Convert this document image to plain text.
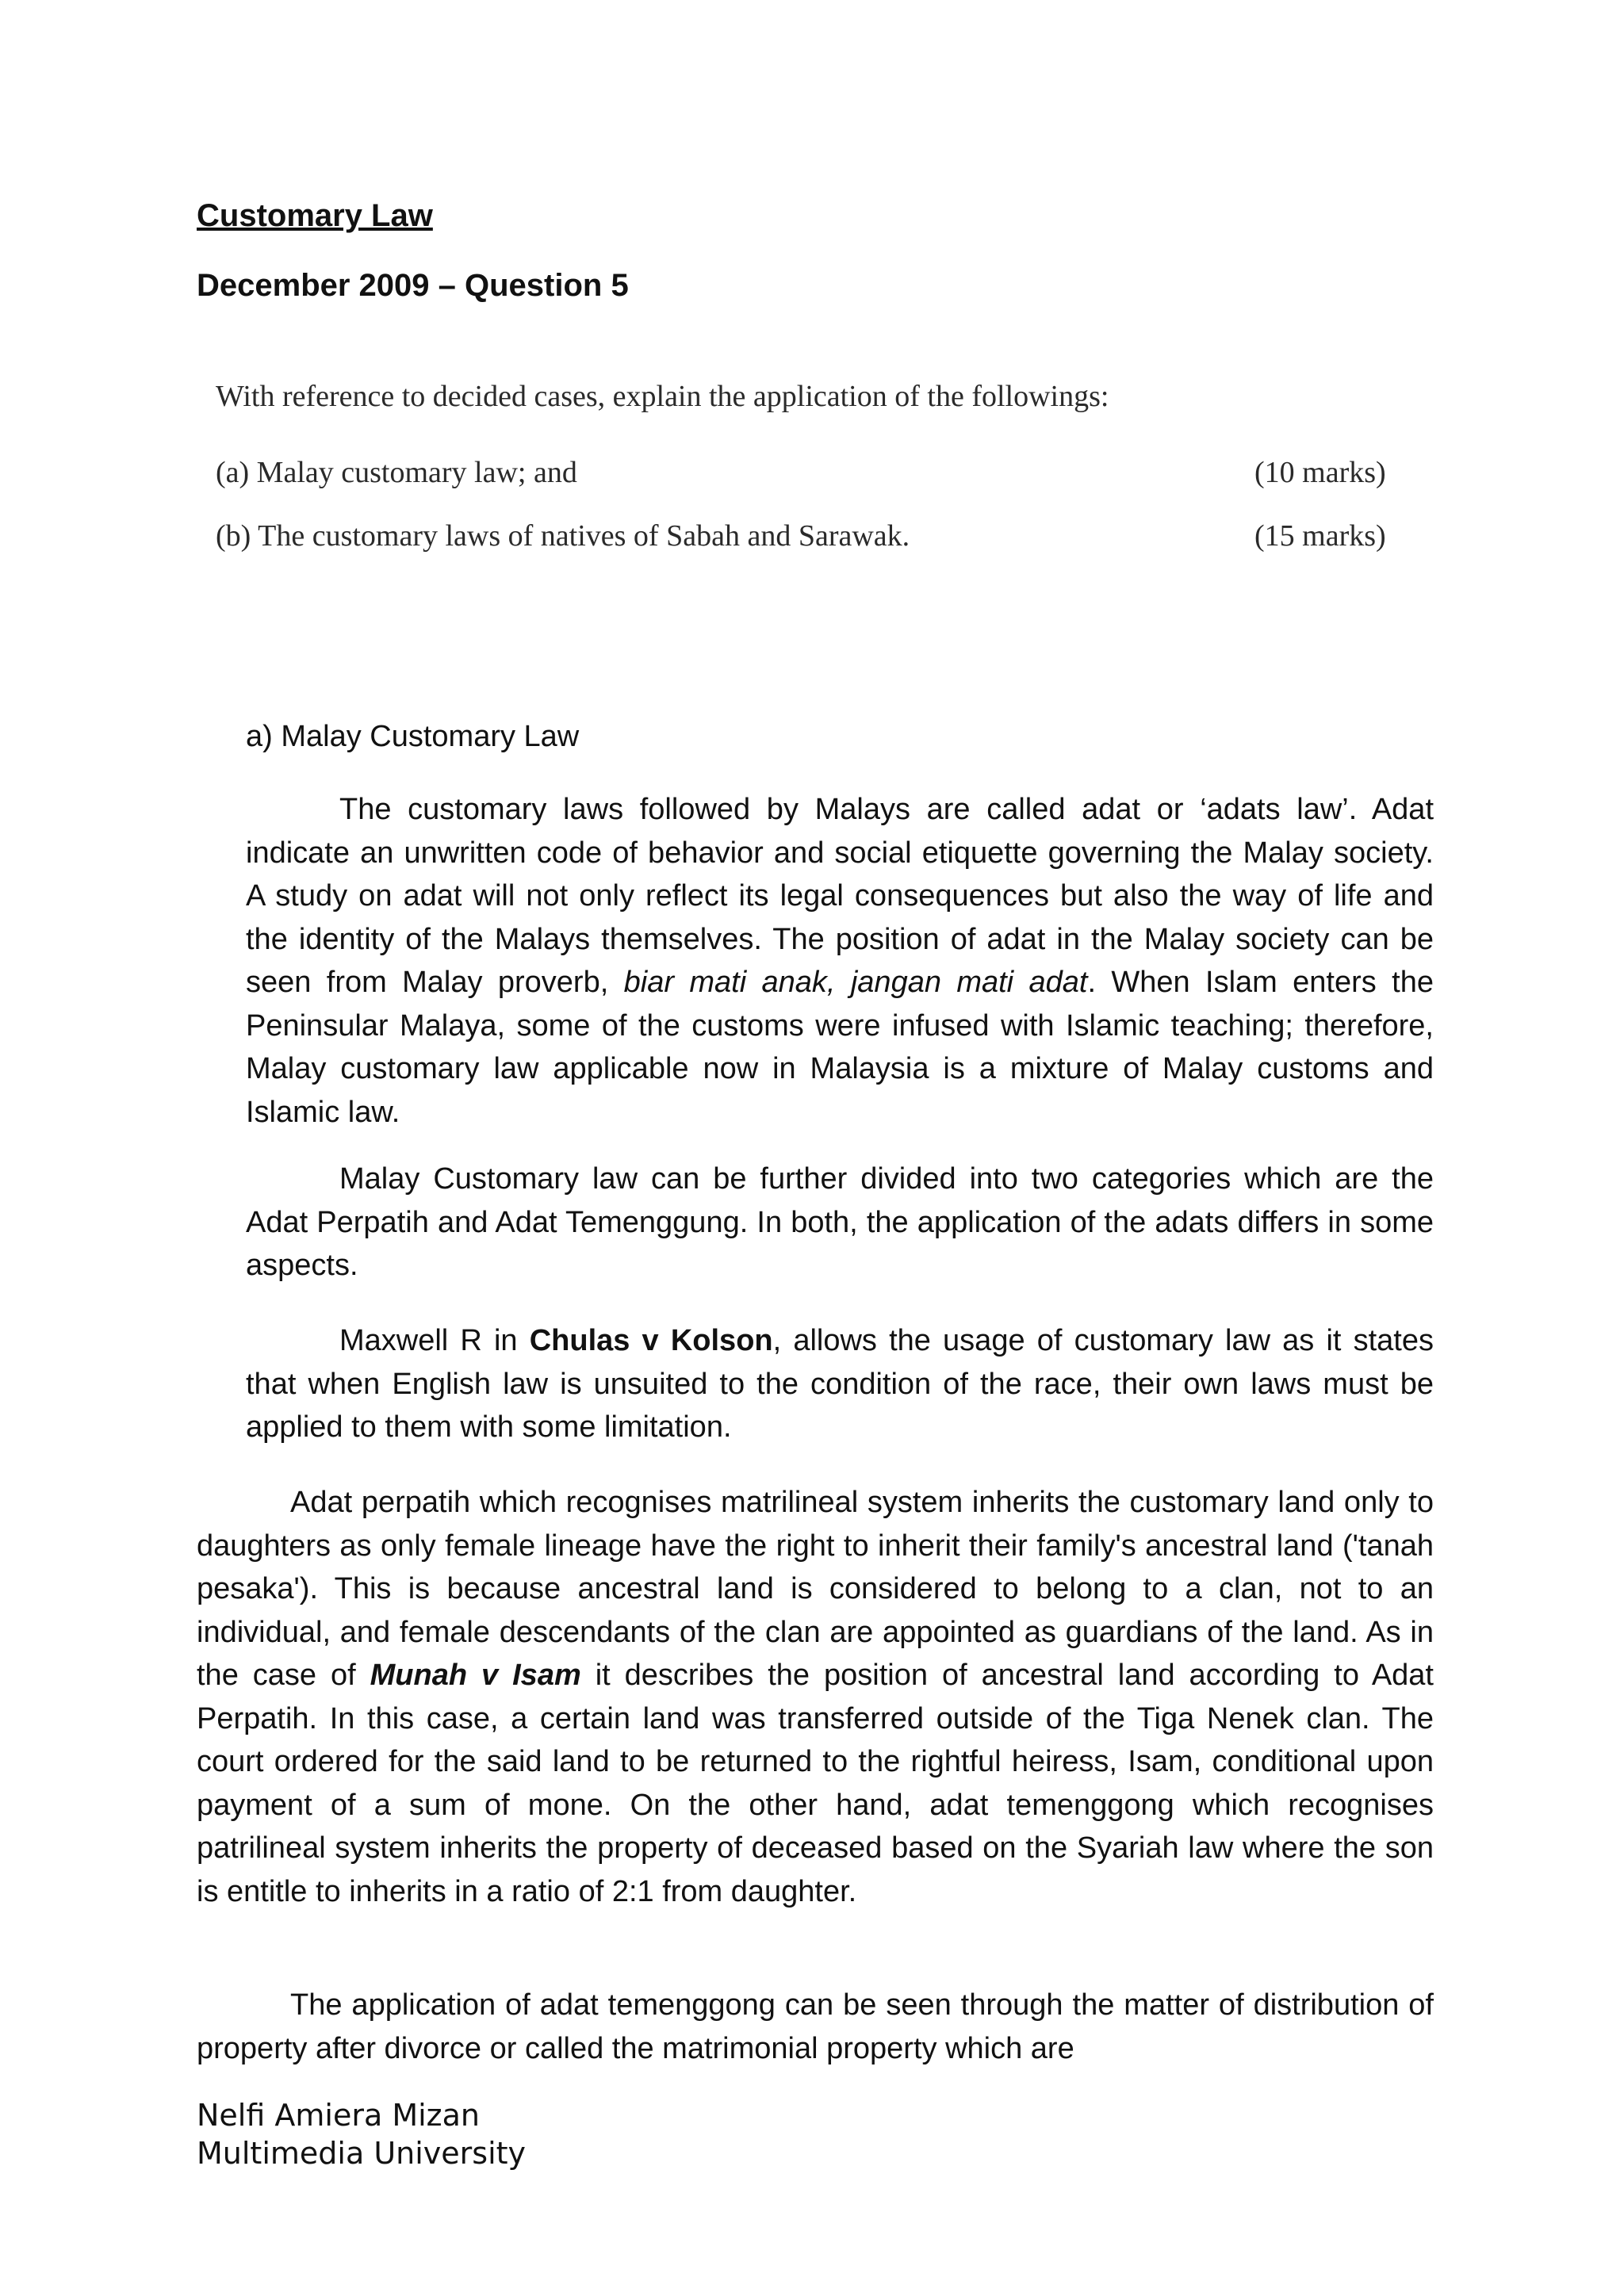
Customary Law
December 2009 – Question 5

With reference to decided cases, explain the application of the followings:

(a) Malay customary law; and	(10 marks)
(b) The customary laws of natives of Sabah and Sarawak.	(15 marks)

a) Malay Customary Law

The customary laws followed by Malays are called adat or ‘adats law’. Adat indicate an unwritten code of behavior and social etiquette governing the Malay society. A study on adat will not only reflect its legal consequences but also the way of life and the identity of the Malays themselves. The position of adat in the Malay society can be seen from Malay proverb, biar mati anak, jangan mati adat. When Islam enters the Peninsular Malaya, some of the customs were infused with Islamic teaching; therefore, Malay customary law applicable now in Malaysia is a mixture of Malay customs and Islamic law.

Malay Customary law can be further divided into two categories which are the Adat Perpatih and Adat Temenggung. In both, the application of the adats differs in some aspects.

Maxwell R in Chulas v Kolson, allows the usage of customary law as it states that when English law is unsuited to the condition of the race, their own laws must be applied to them with some limitation.

Adat perpatih which recognises matrilineal system inherits the customary land only to daughters as only female lineage have the right to inherit their family's ancestral land ('tanah pesaka'). This is because ancestral land is considered to belong to a clan, not to an individual, and female descendants of the clan are appointed as guardians of the land. As in the case of Munah v Isam it describes the position of ancestral land according to Adat Perpatih. In this case, a certain land was transferred outside of the Tiga Nenek clan. The court ordered for the said land to be returned to the rightful heiress, Isam, conditional upon payment of a sum of mone. On the other hand, adat temenggong which recognises patrilineal system inherits the property of deceased based on the Syariah law where the son is entitle to inherits in a ratio of 2:1 from daughter.

The application of adat temenggong can be seen through the matter of distribution of property after divorce or called the matrimonial property which are

Nelfi Amiera Mizan
Multimedia University
